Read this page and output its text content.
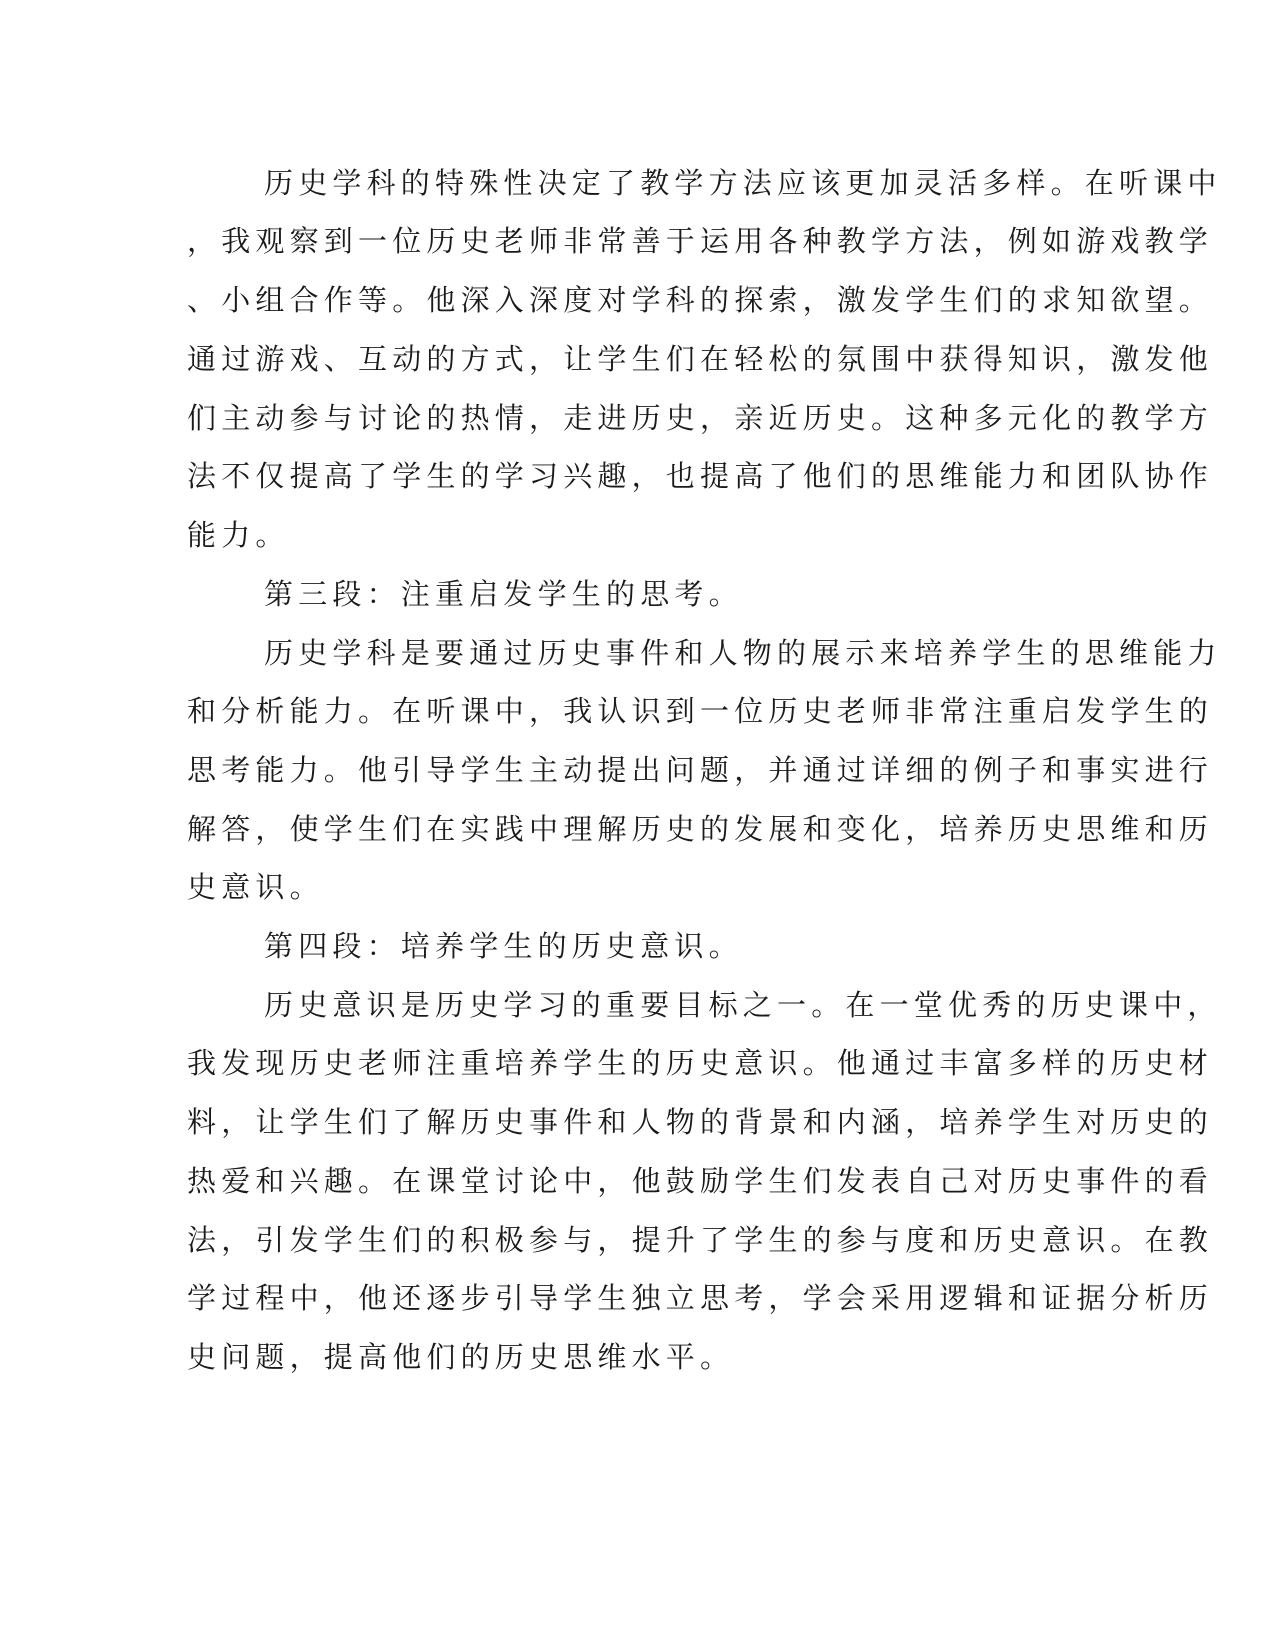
历史学科的特殊性决定了教学方法应该更加灵活多样。在听课中

，我观察到一位历史老师非常善于运用各种教学方法，例如游戏教学

、小组合作等。他深入深度对学科的探索，激发学生们的求知欲望。

通过游戏、互动的方式，让学生们在轻松的氛围中获得知识，激发他

们主动参与讨论的热情，走进历史，亲近历史。这种多元化的教学方

法不仅提高了学生的学习兴趣，也提高了他们的思维能力和团队协作

能力。

第三段：注重启发学生的思考。

历史学科是要通过历史事件和人物的展示来培养学生的思维能力

和分析能力。在听课中，我认识到一位历史老师非常注重启发学生的

思考能力。他引导学生主动提出问题，并通过详细的例子和事实进行

解答，使学生们在实践中理解历史的发展和变化，培养历史思维和历

史意识。

第四段：培养学生的历史意识。

历史意识是历史学习的重要目标之一。在一堂优秀的历史课中，

我发现历史老师注重培养学生的历史意识。他通过丰富多样的历史材

料，让学生们了解历史事件和人物的背景和内涵，培养学生对历史的

热爱和兴趣。在课堂讨论中，他鼓励学生们发表自己对历史事件的看

法，引发学生们的积极参与，提升了学生的参与度和历史意识。在教

学过程中，他还逐步引导学生独立思考，学会采用逻辑和证据分析历

史问题，提高他们的历史思维水平。
